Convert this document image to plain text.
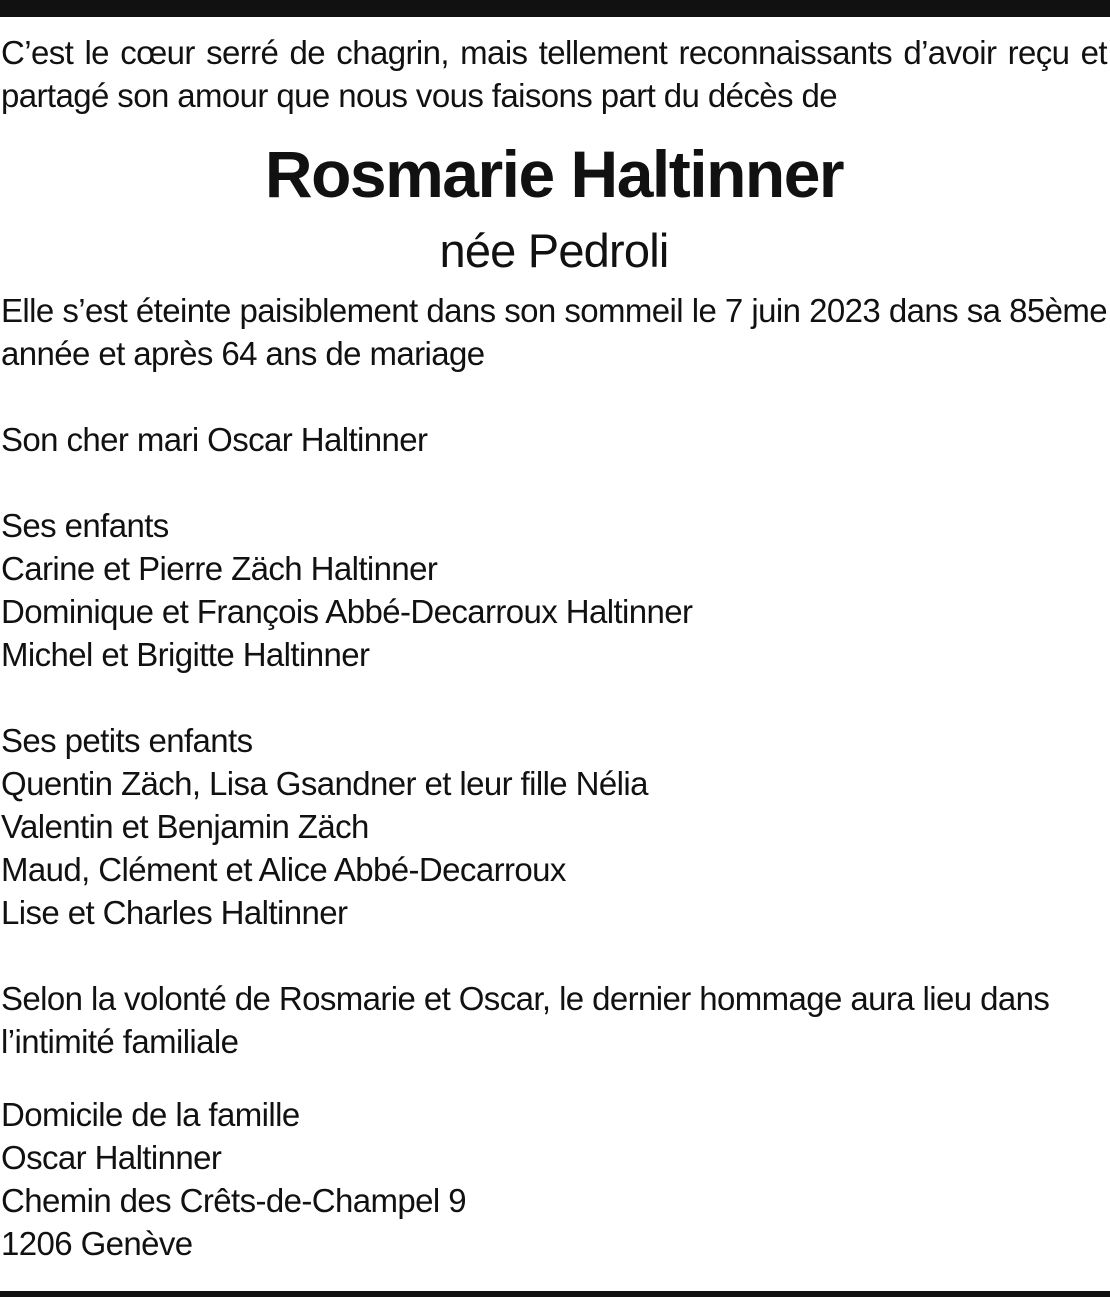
C’est le cœur serré de chagrin, mais tellement reconnaissants d’avoir reçu et partagé son amour que nous vous faisons part du décès de

Rosmarie Haltinner

née Pedroli

Elle s’est éteinte paisiblement dans son sommeil le 7 juin 2023 dans sa 85ème année et après 64 ans de mariage

Son cher mari Oscar Haltinner

Ses enfants
Carine et Pierre Zäch Haltinner
Dominique et François Abbé-Decarroux Haltinner
Michel et Brigitte Haltinner
Ses petits enfants
Quentin Zäch, Lisa Gsandner et leur fille Nélia
Valentin et Benjamin Zäch
Maud, Clément et Alice Abbé-Decarroux
Lise et Charles Haltinner

Selon la volonté de Rosmarie et Oscar, le dernier hommage aura lieu dans l’intimité familiale

Domicile de la famille
Oscar Haltinner
Chemin des Crêts-de-Champel 9
1206 Genève
